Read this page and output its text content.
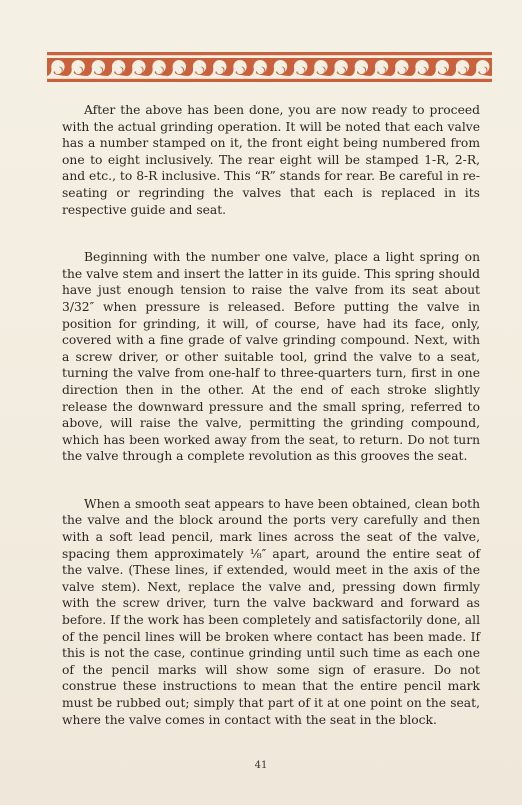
After the above has been done, you are now ready to proceed with the actual grinding operation. It will be noted that each valve has a number stamped on it, the front eight being numbered from one to eight inclusively. The rear eight will be stamped 1-R, 2-R, and etc., to 8-R inclusive. This “R” stands for rear. Be careful in reseating or regrinding the valves that each is replaced in its respective guide and seat.

Beginning with the number one valve, place a light spring on the valve stem and insert the latter in its guide. This spring should have just enough tension to raise the valve from its seat about 3/32″ when pressure is released. Before putting the valve in position for grinding, it will, of course, have had its face, only, covered with a fine grade of valve grinding compound. Next, with a screw driver, or other suitable tool, grind the valve to a seat, turning the valve from one-half to three-quarters turn, first in one direction then in the other. At the end of each stroke slightly release the downward pressure and the small spring, referred to above, will raise the valve, permitting the grinding compound, which has been worked away from the seat, to return. Do not turn the valve through a complete revolution as this grooves the seat.

When a smooth seat appears to have been obtained, clean both the valve and the block around the ports very carefully and then with a soft lead pencil, mark lines across the seat of the valve, spacing them approximately ⅛″ apart, around the entire seat of the valve. (These lines, if extended, would meet in the axis of the valve stem). Next, replace the valve and, pressing down firmly with the screw driver, turn the valve backward and forward as before. If the work has been completely and satisfactorily done, all of the pencil lines will be broken where contact has been made. If this is not the case, continue grinding until such time as each one of the pencil marks will show some sign of erasure. Do not construe these instructions to mean that the entire pencil mark must be rubbed out; simply that part of it at one point on the seat, where the valve comes in contact with the seat in the block.

41
